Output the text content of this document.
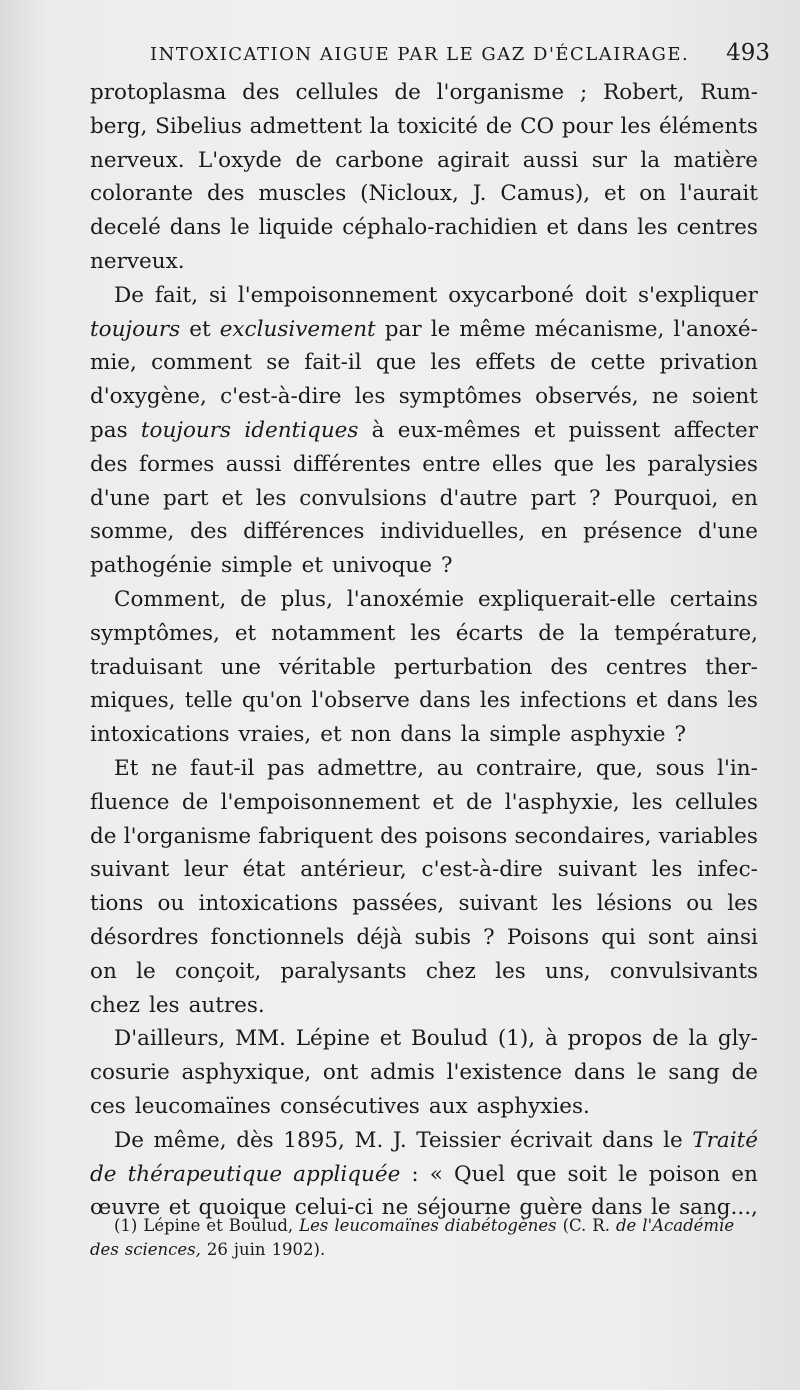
INTOXICATION AIGUE PAR LE GAZ D'ÉCLAIRAGE. 493
protoplasma des cellules de l'organisme ; Robert, Rum-
berg, Sibelius admettent la toxicité de CO pour les éléments
nerveux. L'oxyde de carbone agirait aussi sur la matière
colorante des muscles (Nicloux, J. Camus), et on l'aurait
decelé dans le liquide céphalo-rachidien et dans les centres
nerveux.
De fait, si l'empoisonnement oxycarboné doit s'expliquer
toujours et exclusivement par le même mécanisme, l'anoxé-
mie, comment se fait-il que les effets de cette privation
d'oxygène, c'est-à-dire les symptômes observés, ne soient
pas toujours identiques à eux-mêmes et puissent affecter
des formes aussi différentes entre elles que les paralysies
d'une part et les convulsions d'autre part ? Pourquoi, en
somme, des différences individuelles, en présence d'une
pathogénie simple et univoque ?
Comment, de plus, l'anoxémie expliquerait-elle certains
symptômes, et notamment les écarts de la température,
traduisant une véritable perturbation des centres ther-
miques, telle qu'on l'observe dans les infections et dans les
intoxications vraies, et non dans la simple asphyxie ?
Et ne faut-il pas admettre, au contraire, que, sous l'in-
fluence de l'empoisonnement et de l'asphyxie, les cellules
de l'organisme fabriquent des poisons secondaires, variables
suivant leur état antérieur, c'est-à-dire suivant les infec-
tions ou intoxications passées, suivant les lésions ou les
désordres fonctionnels déjà subis ? Poisons qui sont ainsi
on le conçoit, paralysants chez les uns, convulsivants
chez les autres.
D'ailleurs, MM. Lépine et Boulud (1), à propos de la gly-
cosurie asphyxique, ont admis l'existence dans le sang de
ces leucomaïnes consécutives aux asphyxies.
De même, dès 1895, M. J. Teissier écrivait dans le Traité
de thérapeutique appliquée : « Quel que soit le poison en
œuvre et quoique celui-ci ne séjourne guère dans le sang...,
(1) Lépine et Boulud, Les leucomaïnes diabétogènes (C. R. de l'Académie
des sciences, 26 juin 1902).
